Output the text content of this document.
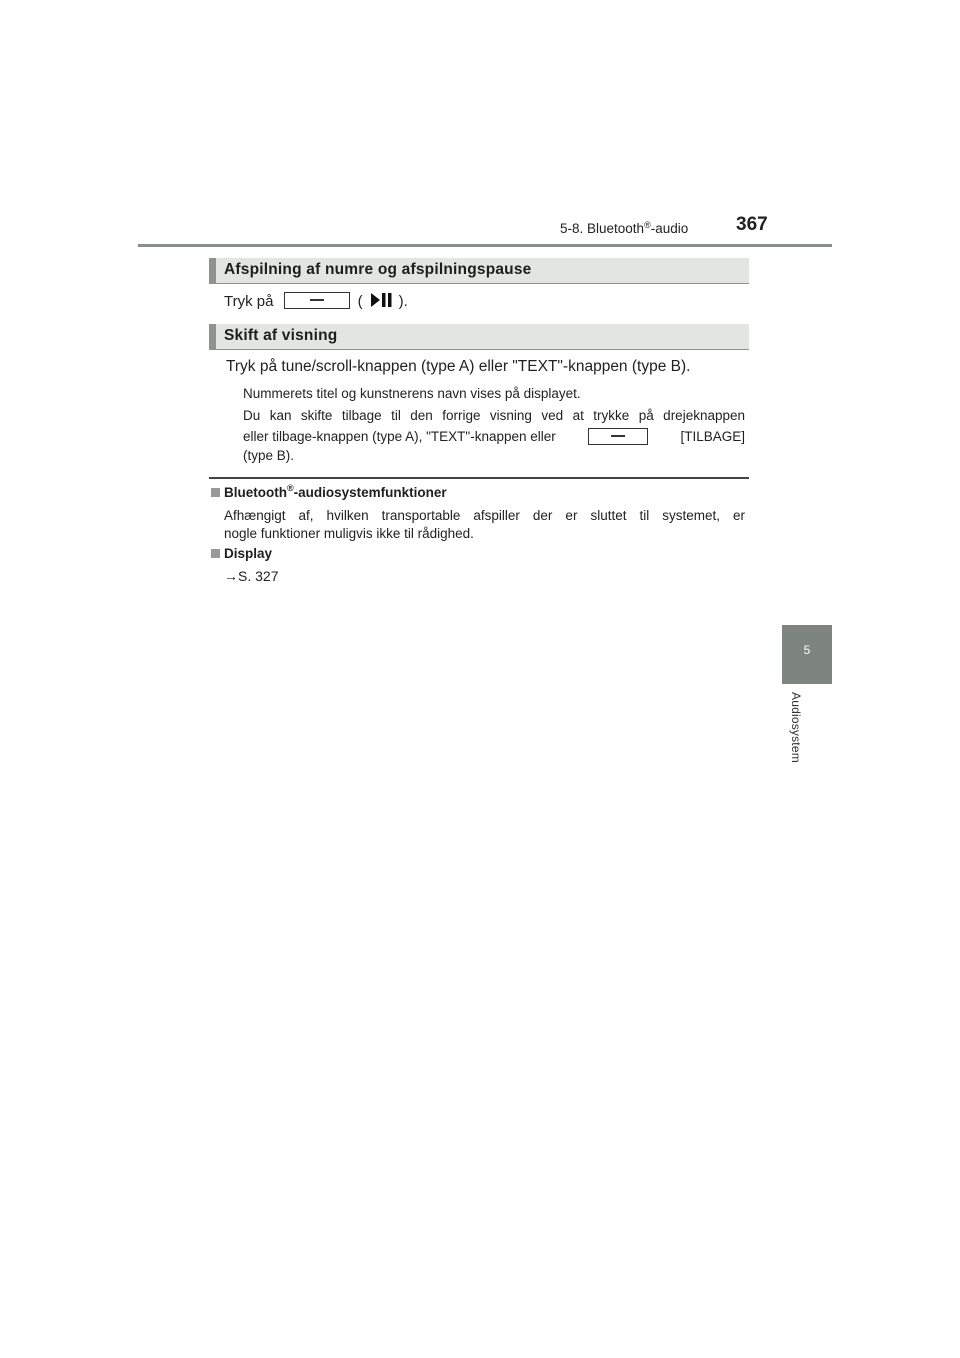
5-8. Bluetooth®-audio	367
5
Audiosystem
Afspilning af numre og afspilningspause
Tryk på	( ).
Skift af visning
Tryk på tune/scroll-knappen (type A) eller "TEXT"-knappen (type B).
Nummerets titel og kunstnerens navn vises på displayet.
Du kan skifte tilbage til den forrige visning ved at trykke på drejeknappen
eller tilbage-knappen (type A), "TEXT"-knappen eller	[TILBAGE]
(type B).
Bluetooth®-audiosystemfunktioner
Afhængigt af, hvilken transportable afspiller der er sluttet til systemet, er
nogle funktioner muligvis ikke til rådighed.
Display
→S. 327
